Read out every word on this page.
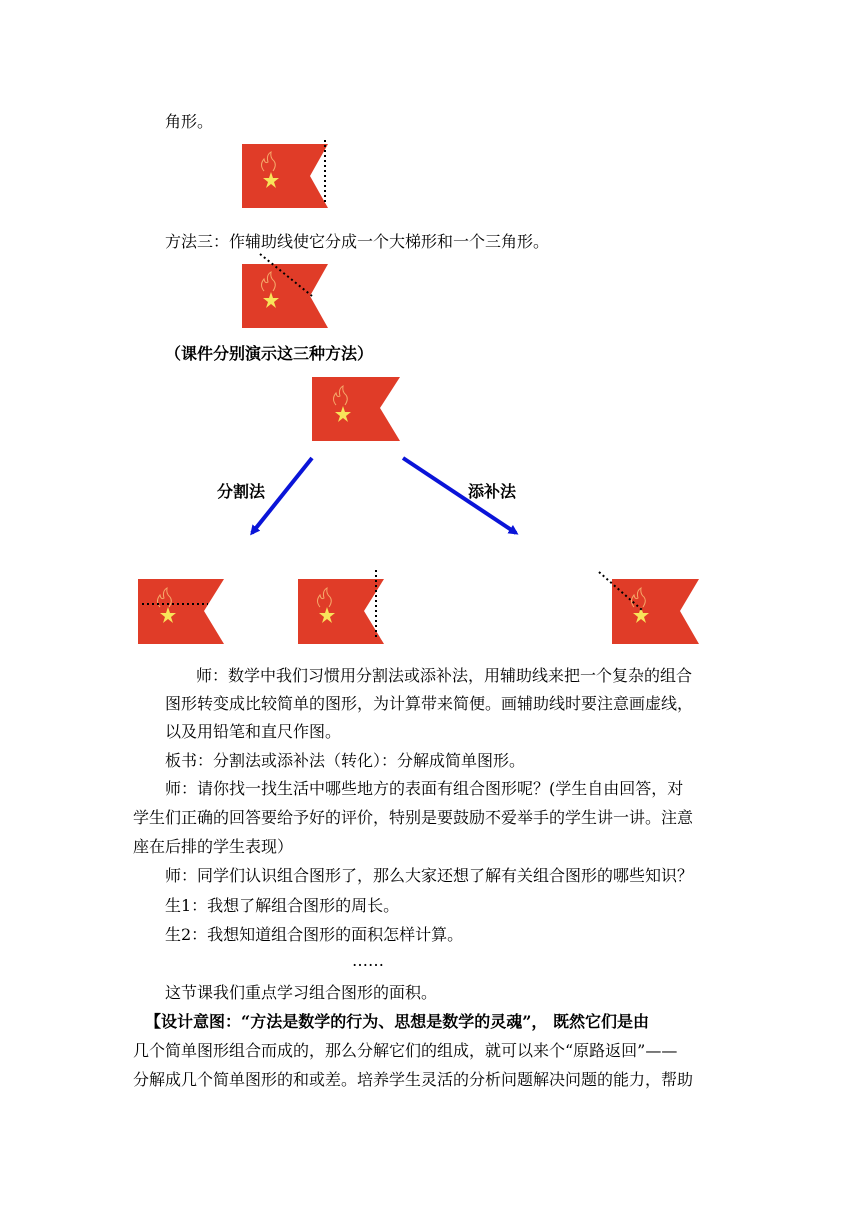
角形。
方法三：作辅助线使它分成一个大梯形和一个三角形。
（课件分别演示这三种方法）
分割法	添补法
师：数学中我们习惯用分割法或添补法，用辅助线来把一个复杂的组合
图形转变成比较简单的图形，为计算带来简便。画辅助线时要注意画虚线，
以及用铅笔和直尺作图。
板书：分割法或添补法（转化）：分解成简单图形。
师：请你找一找生活中哪些地方的表面有组合图形呢？(学生自由回答，对
学生们正确的回答要给予好的评价，特别是要鼓励不爱举手的学生讲一讲。注意
座在后排的学生表现）
师：同学们认识组合图形了，那么大家还想了解有关组合图形的哪些知识？
生1：我想了解组合图形的周长。
生2：我想知道组合图形的面积怎样计算。
……
这节课我们重点学习组合图形的面积。
【设计意图：“方法是数学的行为、思想是数学的灵魂”， 既然它们是由
几个简单图形组合而成的，那么分解它们的组成，就可以来个“原路返回”——
分解成几个简单图形的和或差。培养学生灵活的分析问题解决问题的能力，帮助
